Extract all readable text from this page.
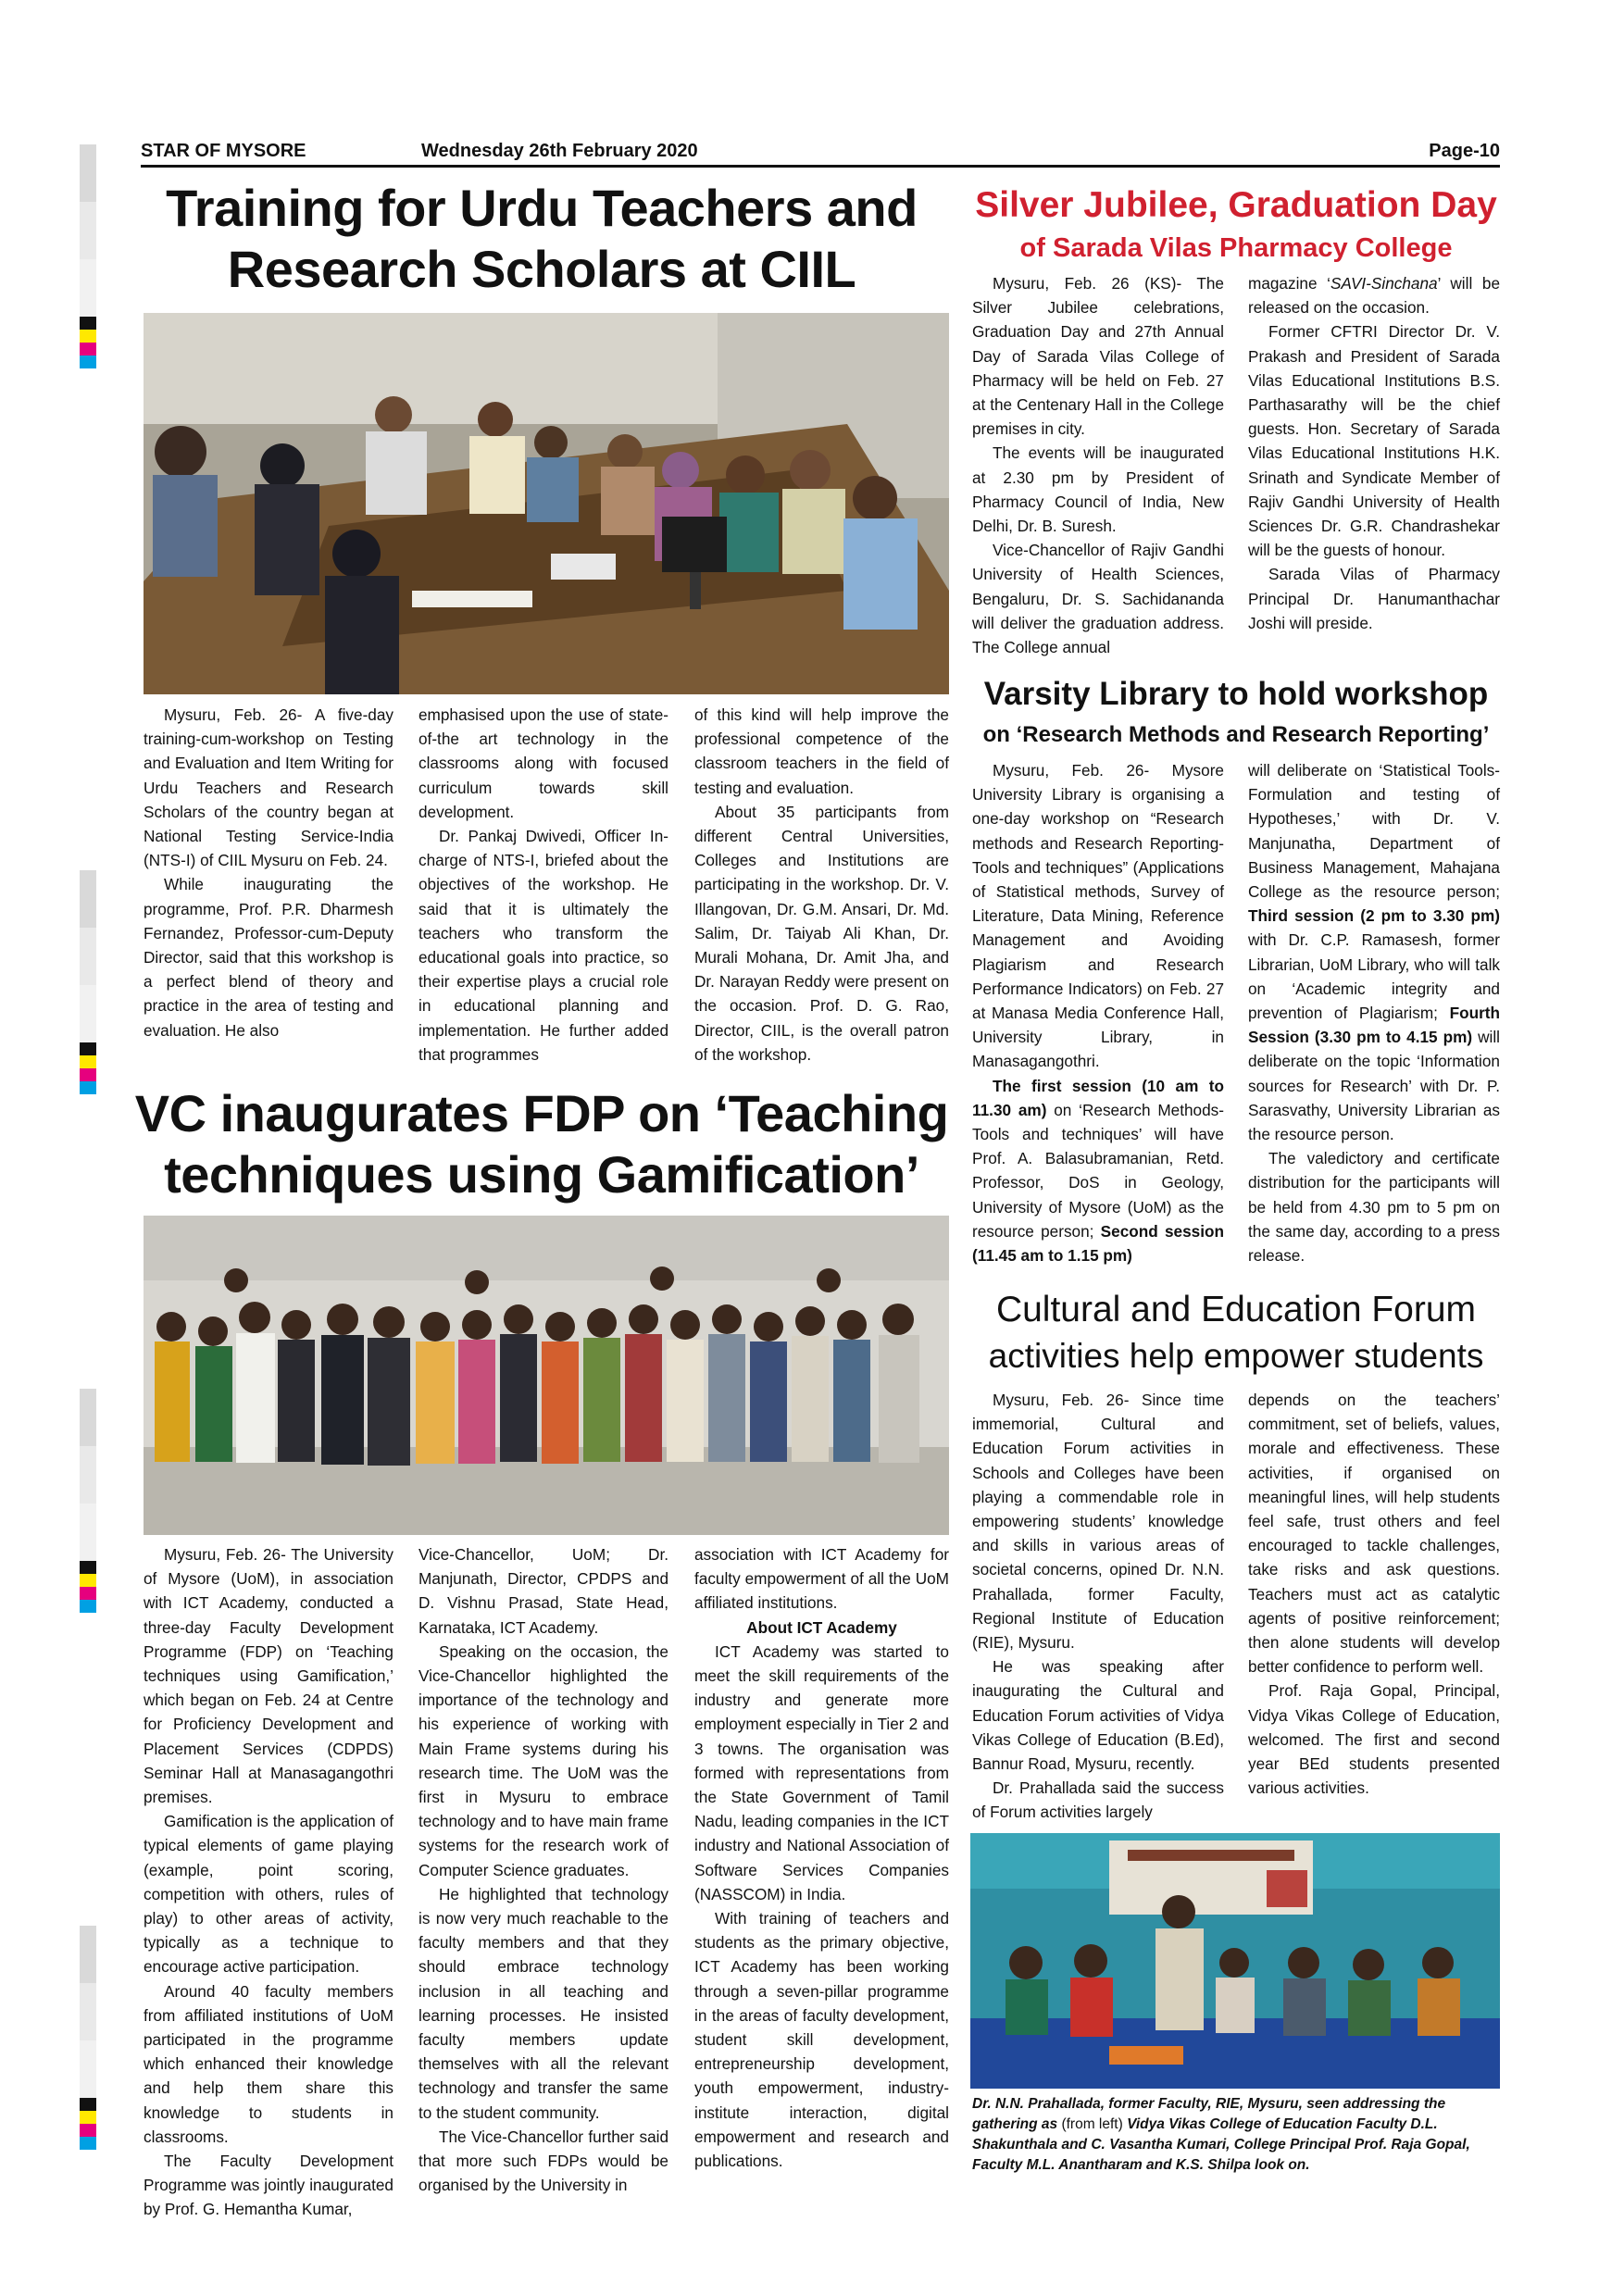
STAR OF MYSORE	Wednesday 26th February 2020	Page-10
Training for Urdu Teachers and
Research Scholars at CIIL

Mysuru, Feb. 26- A five-day training-cum-workshop on Testing and Evaluation and Item Writing for Urdu Teachers and Research Scholars of the country began at National Testing Service-India (NTS-I) of CIIL Mysuru on Feb. 24.

While inaugurating the programme, Prof. P.R. Dharmesh Fernandez, Professor-cum-Deputy Director, said that this workshop is a perfect blend of theory and practice in the area of testing and evaluation. He also

emphasised upon the use of state-of-the art technology in the classrooms along with focused curriculum towards skill development.

Dr. Pankaj Dwivedi, Officer In-charge of NTS-I, briefed about the objectives of the workshop. He said that it is ultimately the teachers who transform the educational goals into practice, so their expertise plays a crucial role in educational planning and implementation. He further added that programmes

of this kind will help improve the professional competence of the classroom teachers in the field of testing and evaluation.

About 35 participants from different Central Universities, Colleges and Institutions are participating in the workshop. Dr. V. Illangovan, Dr. G.M. Ansari, Dr. Md. Salim, Dr. Taiyab Ali Khan, Dr. Murali Mohana, Dr. Amit Jha, and Dr. Narayan Reddy were present on the occasion. Prof. D. G. Rao, Director, CIIL, is the overall patron of the workshop.

Silver Jubilee, Graduation Day
of Sarada Vilas Pharmacy College

Mysuru, Feb. 26 (KS)- The Silver Jubilee celebrations, Graduation Day and 27th Annual Day of Sarada Vilas College of Pharmacy will be held on Feb. 27 at the Centenary Hall in the College premises in city.

The events will be inaugurated at 2.30 pm by President of Pharmacy Council of India, New Delhi, Dr. B. Suresh.

Vice-Chancellor of Rajiv Gandhi University of Health Sciences, Bengaluru, Dr. S. Sachidananda will deliver the graduation address. The College annual

magazine ‘SAVI-Sinchana’ will be released on the occasion.

Former CFTRI Director Dr. V. Prakash and President of Sarada Vilas Educational Institutions B.S. Parthasarathy will be the chief guests. Hon. Secretary of Sarada Vilas Educational Institutions H.K. Srinath and Syndicate Member of Rajiv Gandhi University of Health Sciences Dr. G.R. Chandrashekar will be the guests of honour.

Sarada Vilas of Pharmacy Principal Dr. Hanumanthachar Joshi will preside.

Varsity Library to hold workshop
on ‘Research Methods and Research Reporting’

Mysuru, Feb. 26- Mysore University Library is organising a one-day workshop on “Research methods and Research Reporting- Tools and techniques” (Applications of Statistical methods, Survey of Literature, Data Mining, Reference Management and Avoiding Plagiarism and Research Performance Indicators) on Feb. 27 at Manasa Media Conference Hall, University Library, in Manasagangothri.

The first session (10 am to 11.30 am) on ‘Research Methods- Tools and techniques’ will have Prof. A. Balasubramanian, Retd. Professor, DoS in Geology, University of Mysore (UoM) as the resource person; Second session (11.45 am to 1.15 pm)

will deliberate on ‘Statistical Tools- Formulation and testing of Hypotheses,’ with Dr. V. Manjunatha, Department of Business Management, Mahajana College as the resource person; Third session (2 pm to 3.30 pm) with Dr. C.P. Ramasesh, former Librarian, UoM Library, who will talk on ‘Academic integrity and prevention of Plagiarism; Fourth Session (3.30 pm to 4.15 pm) will deliberate on the topic ‘Information sources for Research’ with Dr. P. Sarasvathy, University Librarian as the resource person.

The valedictory and certificate distribution for the participants will be held from 4.30 pm to 5 pm on the same day, according to a press release.

VC inaugurates FDP on ‘Teaching
techniques using Gamification’

Mysuru, Feb. 26- The University of Mysore (UoM), in association with ICT Academy, conducted a three-day Faculty Development Programme (FDP) on ‘Teaching techniques using Gamification,’ which began on Feb. 24 at Centre for Proficiency Development and Placement Services (CDPDS) Seminar Hall at Manasagangothri premises.

Gamification is the application of typical elements of game playing (example, point scoring, competition with others, rules of play) to other areas of activity, typically as a technique to encourage active participation.

Around 40 faculty members from affiliated institutions of UoM participated in the programme which enhanced their knowledge and help them share this knowledge to students in classrooms.

The Faculty Development Programme was jointly inaugurated by Prof. G. Hemantha Kumar,

Vice-Chancellor, UoM; Dr. Manjunath, Director, CPDPS and D. Vishnu Prasad, State Head, Karnataka, ICT Academy.

Speaking on the occasion, the Vice-Chancellor highlighted the importance of the technology and his experience of working with Main Frame systems during his research time. The UoM was the first in Mysuru to embrace technology and to have main frame systems for the research work of Computer Science graduates.

He highlighted that technology is now very much reachable to the faculty members and that they should embrace technology inclusion in all teaching and learning processes. He insisted faculty members update themselves with all the relevant technology and transfer the same to the student community.

The Vice-Chancellor further said that more such FDPs would be organised by the University in

association with ICT Academy for faculty empowerment of all the UoM affiliated institutions.

About ICT Academy

ICT Academy was started to meet the skill requirements of the industry and generate more employment especially in Tier 2 and 3 towns. The organisation was formed with representations from the State Government of Tamil Nadu, leading companies in the ICT industry and National Association of Software Services Companies (NASSCOM) in India.

With training of teachers and students as the primary objective, ICT Academy has been working through a seven-pillar programme in the areas of faculty development, student skill development, entrepreneurship development, youth empowerment, industry-institute interaction, digital empowerment and research and publications.

Cultural and Education Forum
activities help empower students

Mysuru, Feb. 26- Since time immemorial, Cultural and Education Forum activities in Schools and Colleges have been playing a commendable role in empowering students’ knowledge and skills in various areas of societal concerns, opined Dr. N.N. Prahallada, former Faculty, Regional Institute of Education (RIE), Mysuru.

He was speaking after inaugurating the Cultural and Education Forum activities of Vidya Vikas College of Education (B.Ed), Bannur Road, Mysuru, recently.

Dr. Prahallada said the success of Forum activities largely

depends on the teachers’ commitment, set of beliefs, values, morale and effectiveness. These activities, if organised on meaningful lines, will help students feel safe, trust others and feel encouraged to tackle challenges, take risks and ask questions. Teachers must act as catalytic agents of positive reinforcement; then alone students will develop better confidence to perform well.

Prof. Raja Gopal, Principal, Vidya Vikas College of Education, welcomed. The first and second year BEd students presented various activities.

Dr. N.N. Prahallada, former Faculty, RIE, Mysuru, seen addressing the gathering as (from left) Vidya Vikas College of Education Faculty D.L. Shakunthala and C. Vasantha Kumari, College Principal Prof. Raja Gopal, Faculty M.L. Anantharam and K.S. Shilpa look on.
